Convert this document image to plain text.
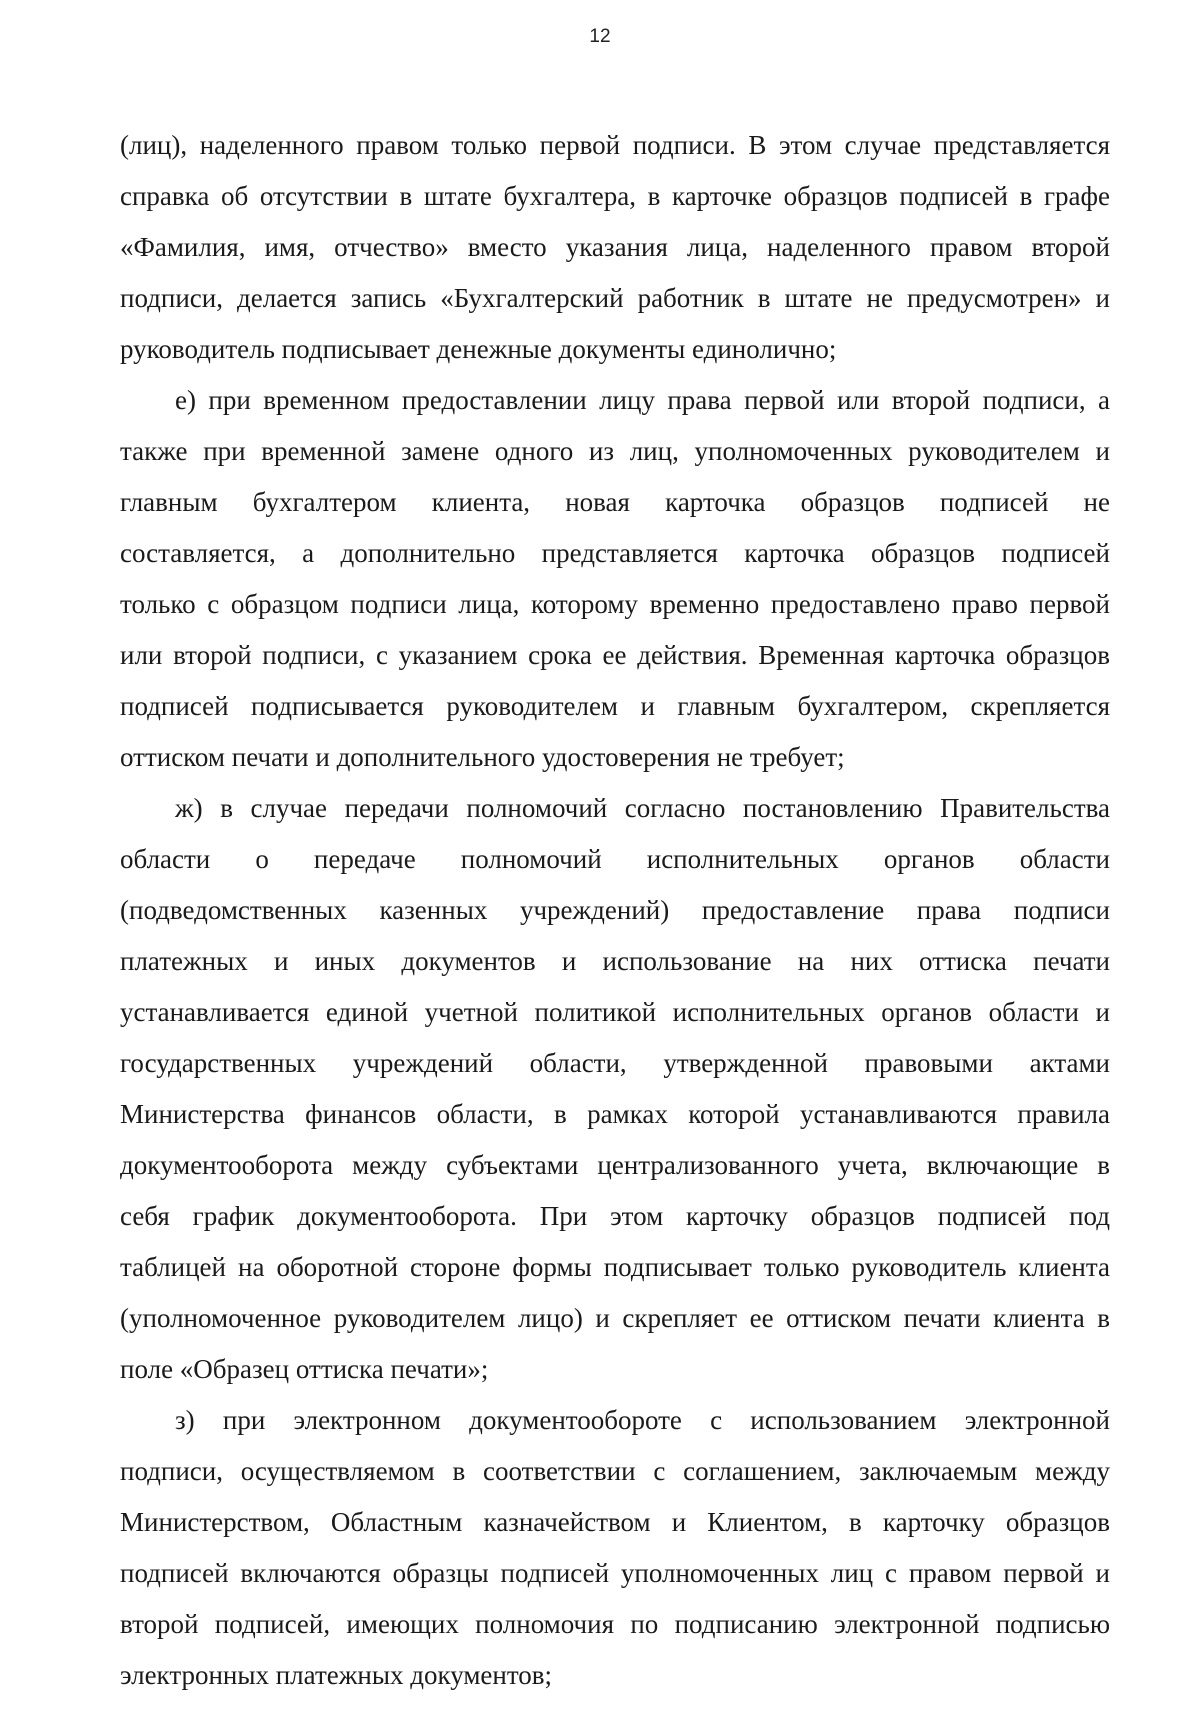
12
(лиц), наделенного правом только первой подписи. В этом случае представляется
справка об отсутствии в штате бухгалтера, в карточке образцов подписей в графе
«Фамилия, имя, отчество» вместо указания лица, наделенного правом второй
подписи, делается запись «Бухгалтерский работник в штате не предусмотрен» и
руководитель подписывает денежные документы единолично;
е) при временном предоставлении лицу права первой или второй подписи, а
также при временной замене одного из лиц, уполномоченных руководителем и
главным бухгалтером клиента, новая карточка образцов подписей не
составляется, а дополнительно представляется карточка образцов подписей
только с образцом подписи лица, которому временно предоставлено право первой
или второй подписи, с указанием срока ее действия. Временная карточка образцов
подписей подписывается руководителем и главным бухгалтером, скрепляется
оттиском печати и дополнительного удостоверения не требует;
ж) в случае передачи полномочий согласно постановлению Правительства
области о передаче полномочий исполнительных органов области
(подведомственных казенных учреждений) предоставление права подписи
платежных и иных документов и использование на них оттиска печати
устанавливается единой учетной политикой исполнительных органов области и
государственных учреждений области, утвержденной правовыми актами
Министерства финансов области, в рамках которой устанавливаются правила
документооборота между субъектами централизованного учета, включающие в
себя график документооборота. При этом карточку образцов подписей под
таблицей на оборотной стороне формы подписывает только руководитель клиента
(уполномоченное руководителем лицо) и скрепляет ее оттиском печати клиента в
поле «Образец оттиска печати»;
з) при электронном документообороте с использованием электронной
подписи, осуществляемом в соответствии с соглашением, заключаемым между
Министерством, Областным казначейством и Клиентом, в карточку образцов
подписей включаются образцы подписей уполномоченных лиц с правом первой и
второй подписей, имеющих полномочия по подписанию электронной подписью
электронных платежных документов;
